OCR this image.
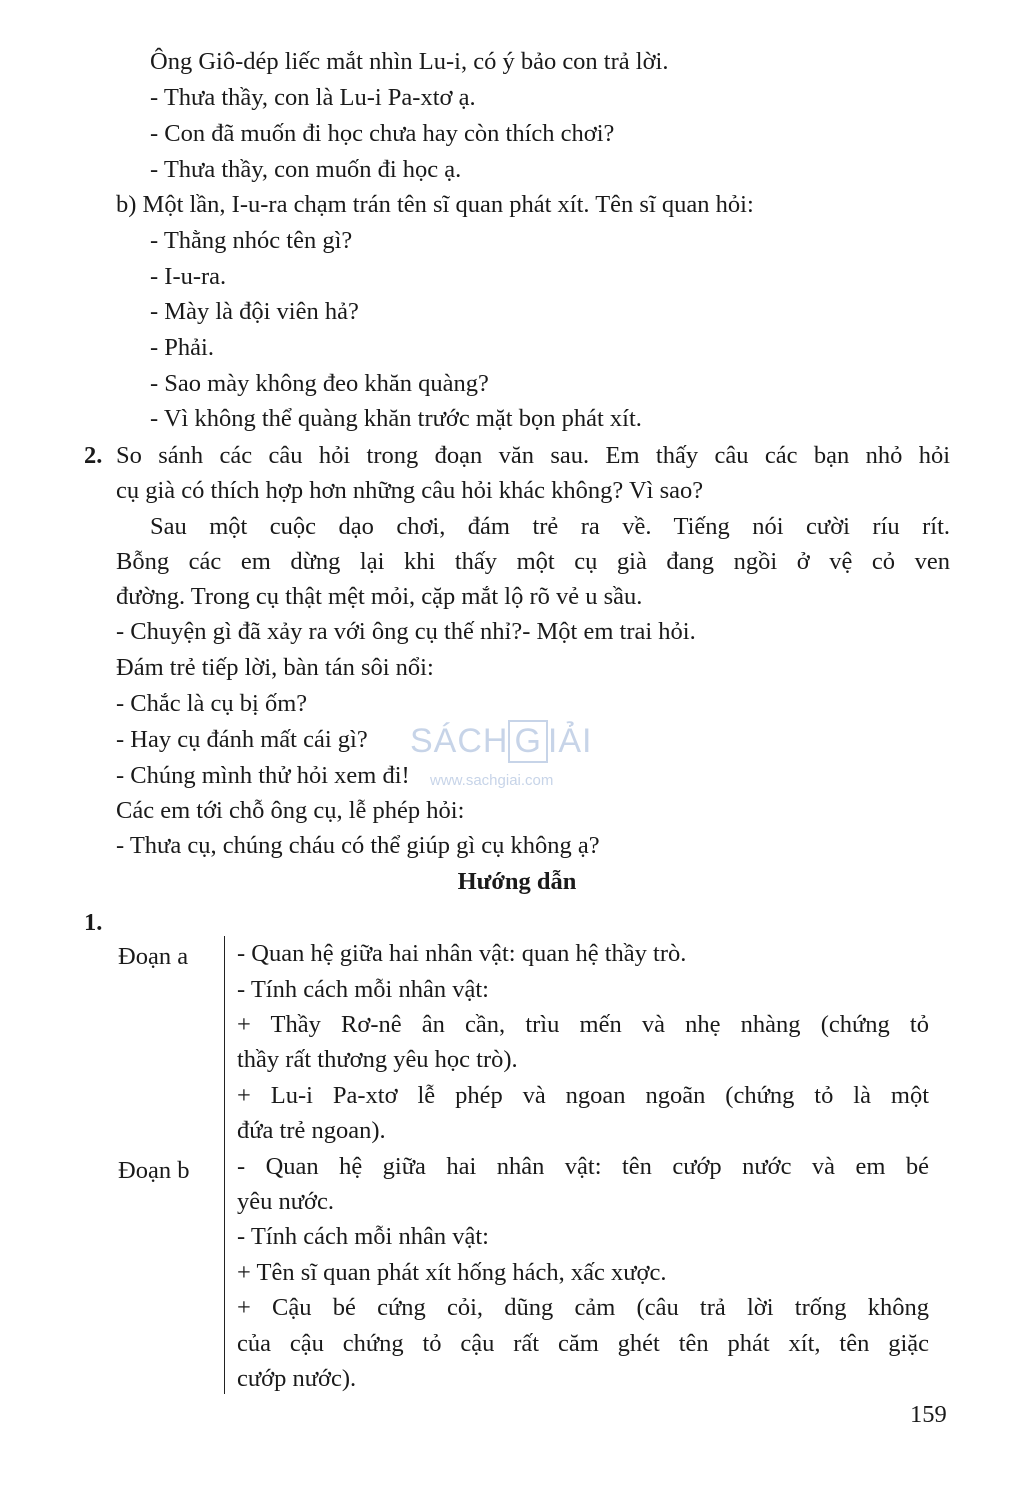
Ông Giô-dép liếc mắt nhìn Lu-i, có ý bảo con trả lời.
- Thưa thầy, con là Lu-i Pa-xtơ ạ.
- Con đã muốn đi học chưa hay còn thích chơi?
- Thưa thầy, con muốn đi học ạ.
b) Một lần, I-u-ra chạm trán tên sĩ quan phát xít. Tên sĩ quan hỏi:
- Thằng nhóc tên gì?
- I-u-ra.
- Mày là đội viên hả?
- Phải.
- Sao mày không đeo khăn quàng?
- Vì không thể quàng khăn trước mặt bọn phát xít.
2. So sánh các câu hỏi trong đoạn văn sau. Em thấy câu các bạn nhỏ hỏi
cụ già có thích hợp hơn những câu hỏi khác không? Vì sao?
Sau một cuộc dạo chơi, đám trẻ ra về. Tiếng nói cười ríu rít.
Bỗng các em dừng lại khi thấy một cụ già đang ngồi ở vệ cỏ ven
đường. Trong cụ thật mệt mỏi, cặp mắt lộ rõ vẻ u sầu.
- Chuyện gì đã xảy ra với ông cụ thế nhỉ?- Một em trai hỏi.
Đám trẻ tiếp lời, bàn tán sôi nổi:
- Chắc là cụ bị ốm?
- Hay cụ đánh mất cái gì?
- Chúng mình thử hỏi xem đi!
Các em tới chỗ ông cụ, lễ phép hỏi:
- Thưa cụ, chúng cháu có thể giúp gì cụ không ạ?
Hướng dẫn
1.
Đoạn a
Đoạn b
- Quan hệ giữa hai nhân vật: quan hệ thầy trò.
- Tính cách mỗi nhân vật:
+ Thầy Rơ-nê ân cần, trìu mến và nhẹ nhàng (chứng tỏ
thầy rất thương yêu học trò).
+ Lu-i Pa-xtơ lễ phép và ngoan ngoãn (chứng tỏ là một
đứa trẻ ngoan).
- Quan hệ giữa hai nhân vật: tên cướp nước và em bé
yêu nước.
- Tính cách mỗi nhân vật:
+ Tên sĩ quan phát xít hống hách, xấc xược.
+ Cậu bé cứng cỏi, dũng cảm (câu trả lời trống không
của cậu chứng tỏ cậu rất căm ghét tên phát xít, tên giặc
cướp nước).
159
SÁCH G IẢI
www.sachgiai.com
